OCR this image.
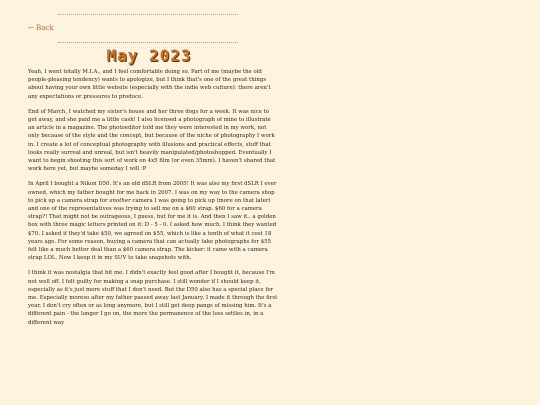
← Back
May 2023

Yeah, I went totally M.I.A., and I feel comfortable doing so. Part of me (maybe the old people-pleasing tendency) wants to apologize, but I think that's one of the great things about having your own little website (especially with the indie web culture): there aren't any expectations or pressures to produce.

End of March, I watched my sister's house and her three dogs for a week. It was nice to get away, and she paid me a little cash! I also licensed a photograph of mine to illustrate an article in a magazine. The photoeditor told me they were interested in my work, not only because of the style and the concept, but because of the niche of photography I work in. I create a lot of conceptual photography with illusions and practical effects, stuff that looks really surreal and unreal, but isn't heavily manipulated/photoshopped. Eventually I want to begin shooting this sort of work on 4x5 film (or even 35mm). I haven't shared that work here yet, but maybe someday I will :P

In April I bought a Nikon D50. It's an old dSLR from 2005! It was also my first dSLR I ever owned, which my father bought for me back in 2007. I was on my way to the camera shop to pick up a camera strap for another camera I was going to pick up (more on that later) and one of the representatives was trying to sell me on a $60 strap. $60 for a camera strap?! That might not be outrageous, I guess, but for me it is. And then I saw it.. a golden box with three magic letters printed on it: D - 5 - 0. I asked how much. I think they wanted $70. I asked if they'd take $50, we agreed on $55, which is like a tenth of what it cost 18 years ago. For some reason, buying a camera that can actually take photographs for $55 felt like a much better deal than a $60 camera strap. The kicker: it came with a camera strap LOL. Now I keep it in my SUV to take snapshots with.

I think it was nostalgia that bit me. I didn't exactly feel good after I bought it, because I'm not well off. I felt guilty for making a snap purchase. I still wonder if I should keep it, especially as it's just more stuff that I don't need. But the D50 also has a special place for me. Especially moreso after my father passed away last January. I made it through the first year, I don't cry often or as long anymore, but I still get deep pangs of missing him. It's a different pain - the longer I go on, the more the permanence of the loss settles in, in a different way
